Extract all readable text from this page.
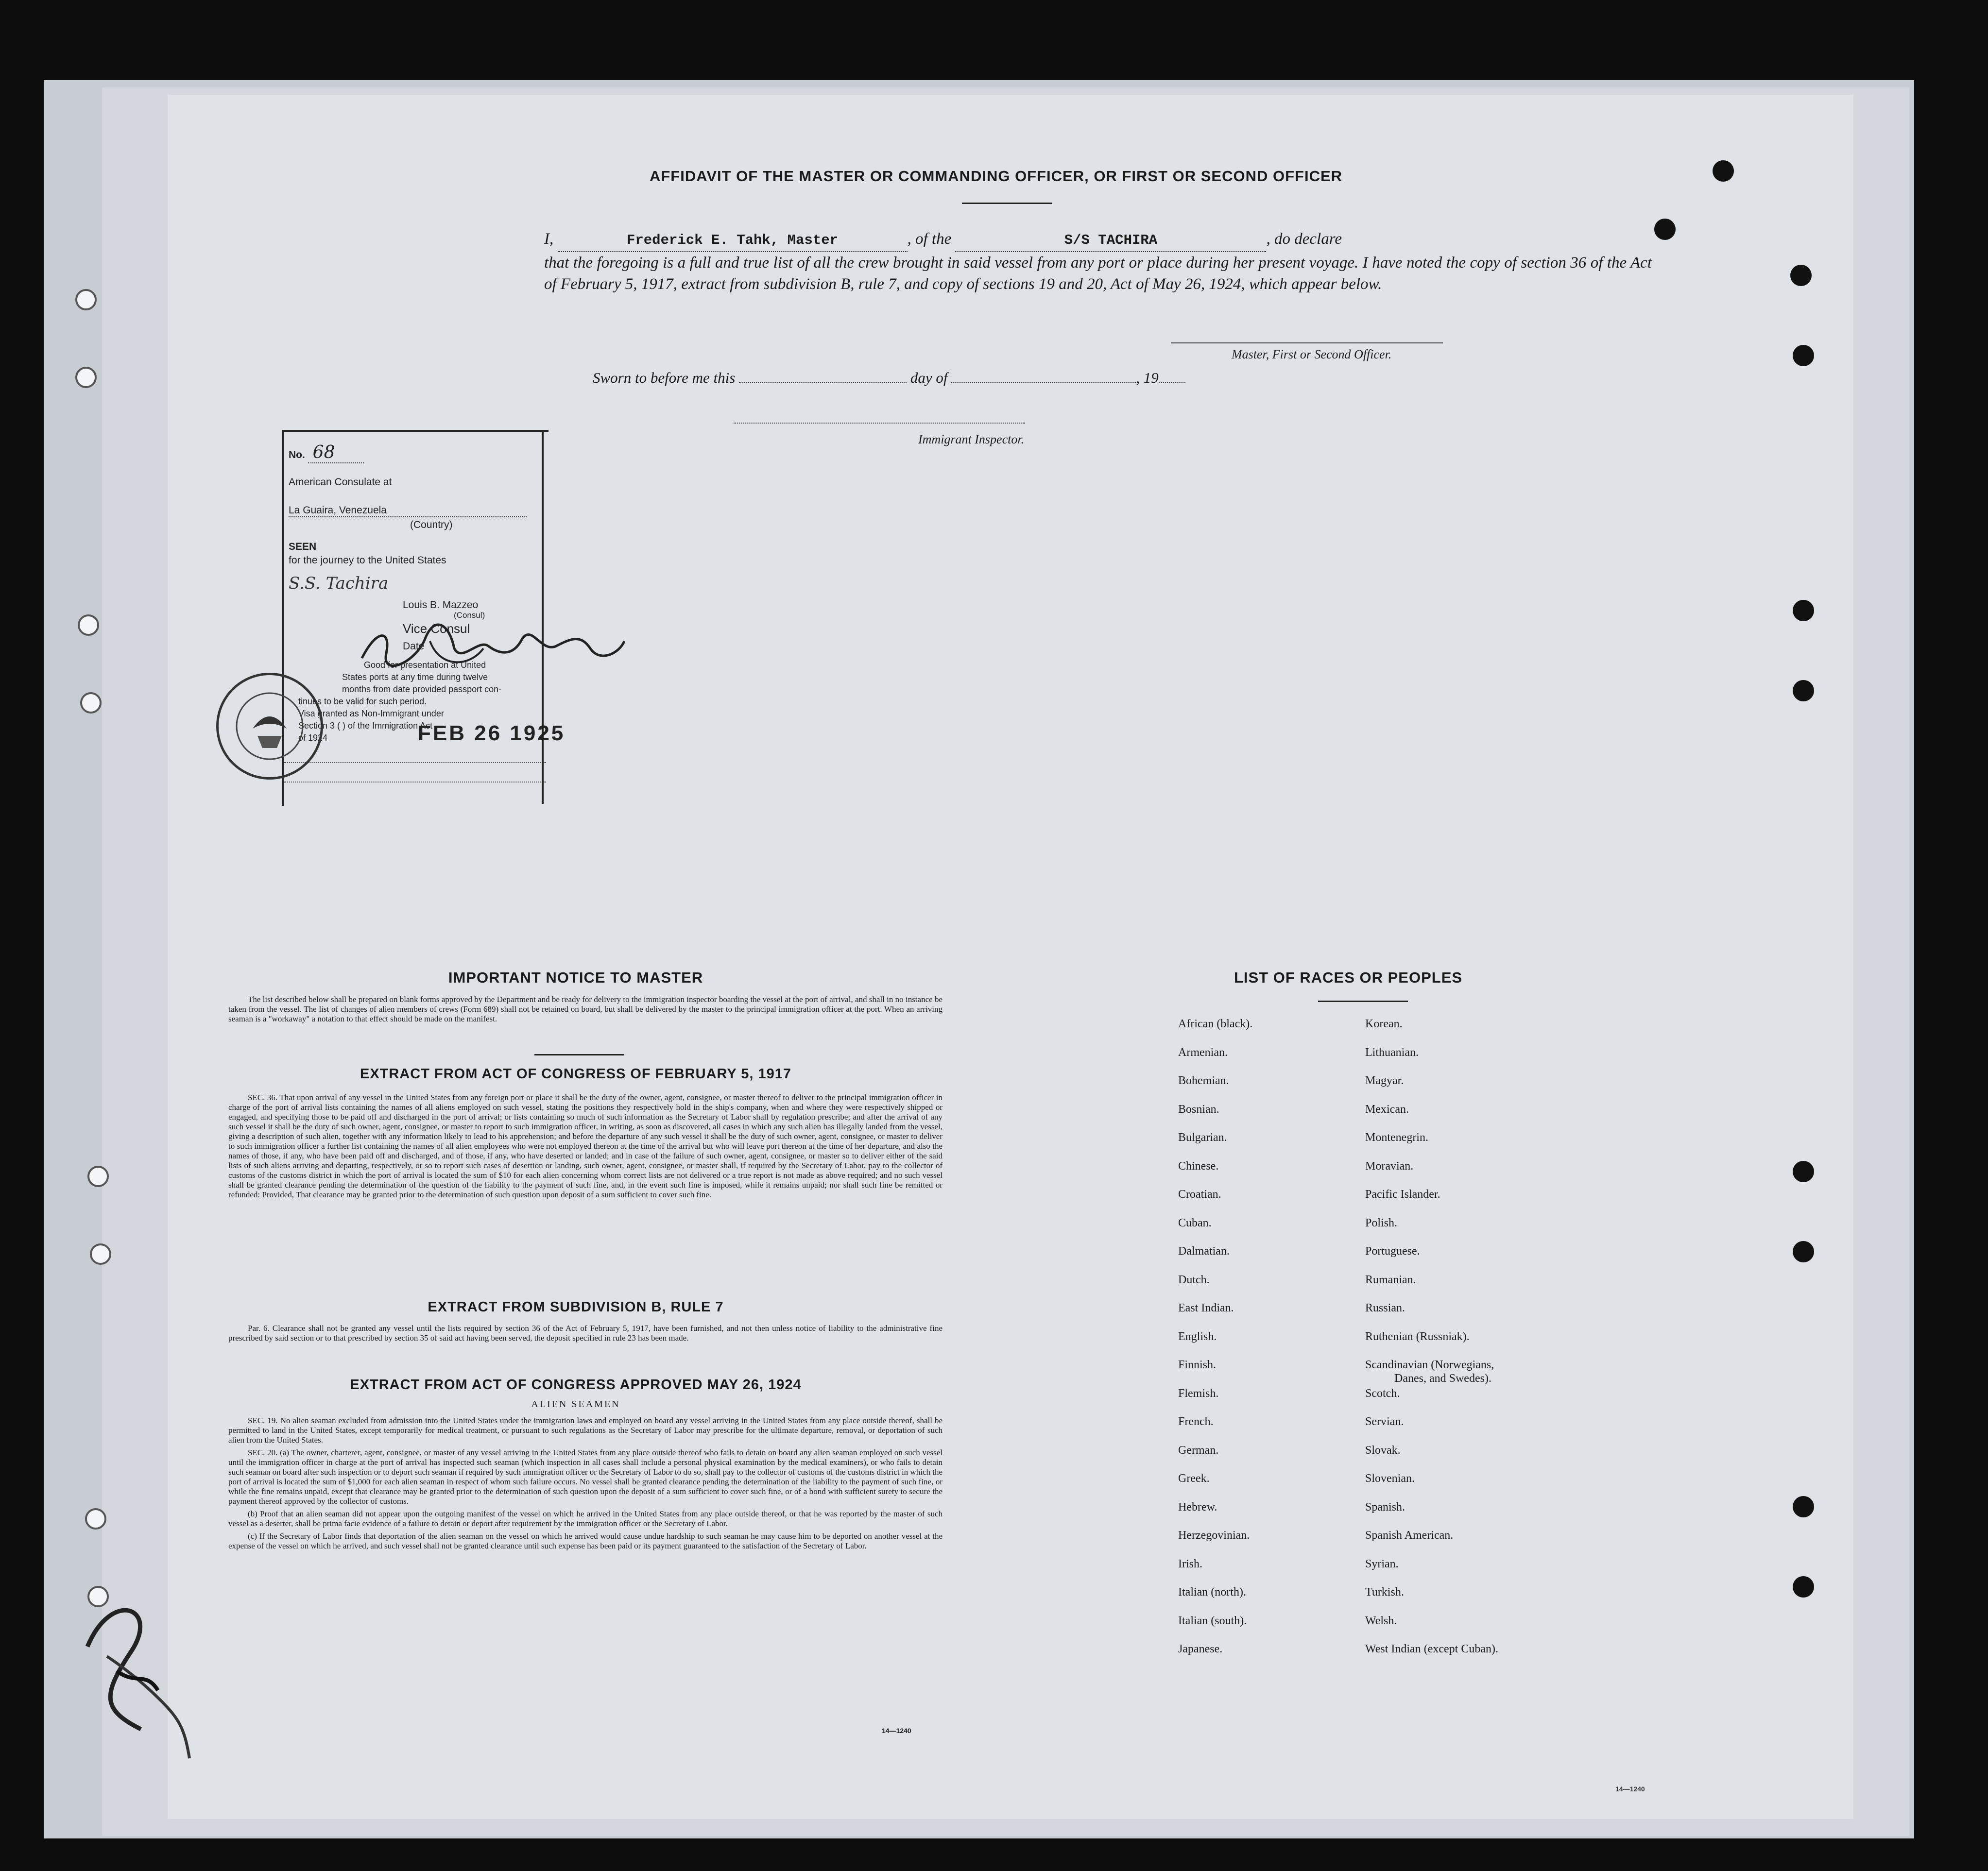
AFFIDAVIT OF THE MASTER OR COMMANDING OFFICER, OR FIRST OR SECOND OFFICER
I,	Frederick E. Tahk, Master	, of the	S/S TACHIRA	, do declare
that the foregoing is a full and true list of all the crew brought in said vessel from any port or place during her present voyage. I have noted the copy of section 36 of the Act of February 5, 1917, extract from subdivision B, rule 7, and copy of sections 19 and 20, Act of May 26, 1924, which appear below.
Master, First or Second Officer.
Sworn to before me this	day of	, 19
Immigrant Inspector.
No. 68
American Consulate at
La Guaira, Venezuela
(Country)
SEEN
for the journey to the United States
S.S. Tachira
Louis B. Mazzeo
(Consul)
Vice Consul
Date
Good for presentation at United
States ports at any time during twelve
months from date provided passport con-
tinues to be valid for such period.
Visa granted as Non-Immigrant under
Section 3 ( ) of the Immigration Act
of 1924	FEB 26 1925
IMPORTANT NOTICE TO MASTER

The list described below shall be prepared on blank forms approved by the Department and be ready for delivery to the immigration inspector boarding the vessel at the port of arrival, and shall in no instance be taken from the vessel. The list of changes of alien members of crews (Form 689) shall not be retained on board, but shall be delivered by the master to the principal immigration officer at the port. When an arriving seaman is a "workaway" a notation to that effect should be made on the manifest.

EXTRACT FROM ACT OF CONGRESS OF FEBRUARY 5, 1917

SEC. 36. That upon arrival of any vessel in the United States from any foreign port or place it shall be the duty of the owner, agent, consignee, or master thereof to deliver to the principal immigration officer in charge of the port of arrival lists containing the names of all aliens employed on such vessel, stating the positions they respectively hold in the ship's company, when and where they were respectively shipped or engaged, and specifying those to be paid off and discharged in the port of arrival; or lists containing so much of such information as the Secretary of Labor shall by regulation prescribe; and after the arrival of any such vessel it shall be the duty of such owner, agent, consignee, or master to report to such immigration officer, in writing, as soon as discovered, all cases in which any such alien has illegally landed from the vessel, giving a description of such alien, together with any information likely to lead to his apprehension; and before the departure of any such vessel it shall be the duty of such owner, agent, consignee, or master to deliver to such immigration officer a further list containing the names of all alien employees who were not employed thereon at the time of the arrival but who will leave port thereon at the time of her departure, and also the names of those, if any, who have been paid off and discharged, and of those, if any, who have deserted or landed; and in case of the failure of such owner, agent, consignee, or master so to deliver either of the said lists of such aliens arriving and departing, respectively, or so to report such cases of desertion or landing, such owner, agent, consignee, or master shall, if required by the Secretary of Labor, pay to the collector of customs of the customs district in which the port of arrival is located the sum of $10 for each alien concerning whom correct lists are not delivered or a true report is not made as above required; and no such vessel shall be granted clearance pending the determination of the question of the liability to the payment of such fine, and, in the event such fine is imposed, while it remains unpaid; nor shall such fine be remitted or refunded: Provided, That clearance may be granted prior to the determination of such question upon deposit of a sum sufficient to cover such fine.

EXTRACT FROM SUBDIVISION B, RULE 7

Par. 6. Clearance shall not be granted any vessel until the lists required by section 36 of the Act of February 5, 1917, have been furnished, and not then unless notice of liability to the administrative fine prescribed by said section or to that prescribed by section 35 of said act having been served, the deposit specified in rule 23 has been made.

EXTRACT FROM ACT OF CONGRESS APPROVED MAY 26, 1924
ALIEN SEAMEN

SEC. 19. No alien seaman excluded from admission into the United States under the immigration laws and employed on board any vessel arriving in the United States from any place outside thereof, shall be permitted to land in the United States, except temporarily for medical treatment, or pursuant to such regulations as the Secretary of Labor may prescribe for the ultimate departure, removal, or deportation of such alien from the United States.

SEC. 20. (a) The owner, charterer, agent, consignee, or master of any vessel arriving in the United States from any place outside thereof who fails to detain on board any alien seaman employed on such vessel until the immigration officer in charge at the port of arrival has inspected such seaman (which inspection in all cases shall include a personal physical examination by the medical examiners), or who fails to detain such seaman on board after such inspection or to deport such seaman if required by such immigration officer or the Secretary of Labor to do so, shall pay to the collector of customs of the customs district in which the port of arrival is located the sum of $1,000 for each alien seaman in respect of whom such failure occurs. No vessel shall be granted clearance pending the determination of the liability to the payment of such fine, or while the fine remains unpaid, except that clearance may be granted prior to the determination of such question upon the deposit of a sum sufficient to cover such fine, or of a bond with sufficient surety to secure the payment thereof approved by the collector of customs.

(b) Proof that an alien seaman did not appear upon the outgoing manifest of the vessel on which he arrived in the United States from any place outside thereof, or that he was reported by the master of such vessel as a deserter, shall be prima facie evidence of a failure to detain or deport after requirement by the immigration officer or the Secretary of Labor.

(c) If the Secretary of Labor finds that deportation of the alien seaman on the vessel on which he arrived would cause undue hardship to such seaman he may cause him to be deported on another vessel at the expense of the vessel on which he arrived, and such vessel shall not be granted clearance until such expense has been paid or its payment guaranteed to the satisfaction of the Secretary of Labor.

14—1240
LIST OF RACES OR PEOPLES
African (black).
Armenian.
Bohemian.
Bosnian.
Bulgarian.
Chinese.
Croatian.
Cuban.
Dalmatian.
Dutch.
East Indian.
English.
Finnish.
Flemish.
French.
German.
Greek.
Hebrew.
Herzegovinian.
Irish.
Italian (north).
Italian (south).
Japanese.
Korean.
Lithuanian.
Magyar.
Mexican.
Montenegrin.
Moravian.
Pacific Islander.
Polish.
Portuguese.
Rumanian.
Russian.
Ruthenian (Russniak).
Scandinavian (Norwegians,
Danes, and Swedes).
Scotch.
Servian.
Slovak.
Slovenian.
Spanish.
Spanish American.
Syrian.
Turkish.
Welsh.
West Indian (except Cuban).
14—1240
